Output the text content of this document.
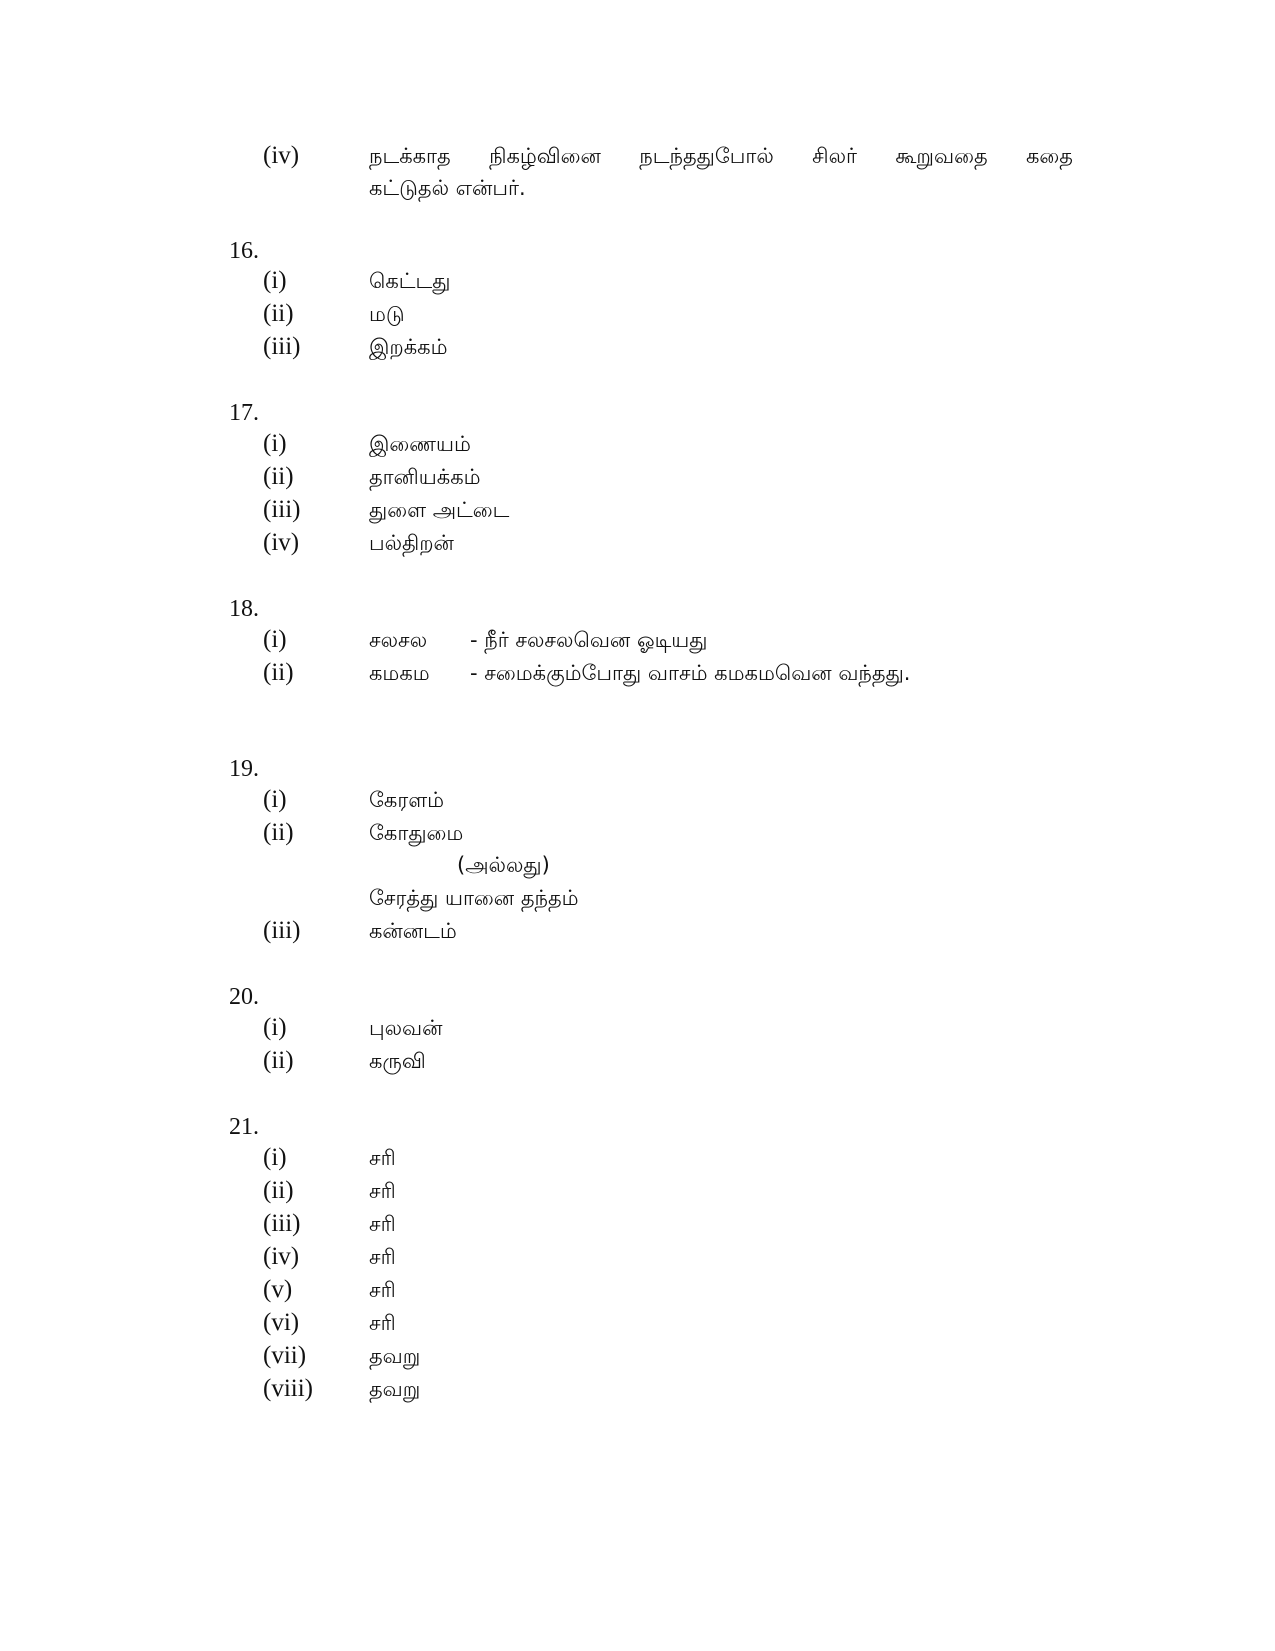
(iv)	நடக்காத நிகழ்வினை நடந்ததுபோல் சிலர் கூறுவதை கதை
கட்டுதல் என்பர்.
16.
(i)	கெட்டது
(ii)	மடு
(iii)	இறக்கம்
17.
(i)	இணையம்
(ii)	தானியக்கம்
(iii)	துளை அட்டை
(iv)	பல்திறன்
18.
(i)	சலசல - நீர் சலசலவென ஓடியது
(ii)	கமகம - சமைக்கும்போது வாசம் கமகமவென வந்தது.
19.
(i)	கேரளம்
(ii)	கோதுமை
(அல்லது)
சேரத்து யானை தந்தம்
(iii)	கன்னடம்
20.
(i)	புலவன்
(ii)	கருவி
21.
(i)	சரி
(ii)	சரி
(iii)	சரி
(iv)	சரி
(v)	சரி
(vi)	சரி
(vii)	தவறு
(viii)	தவறு
